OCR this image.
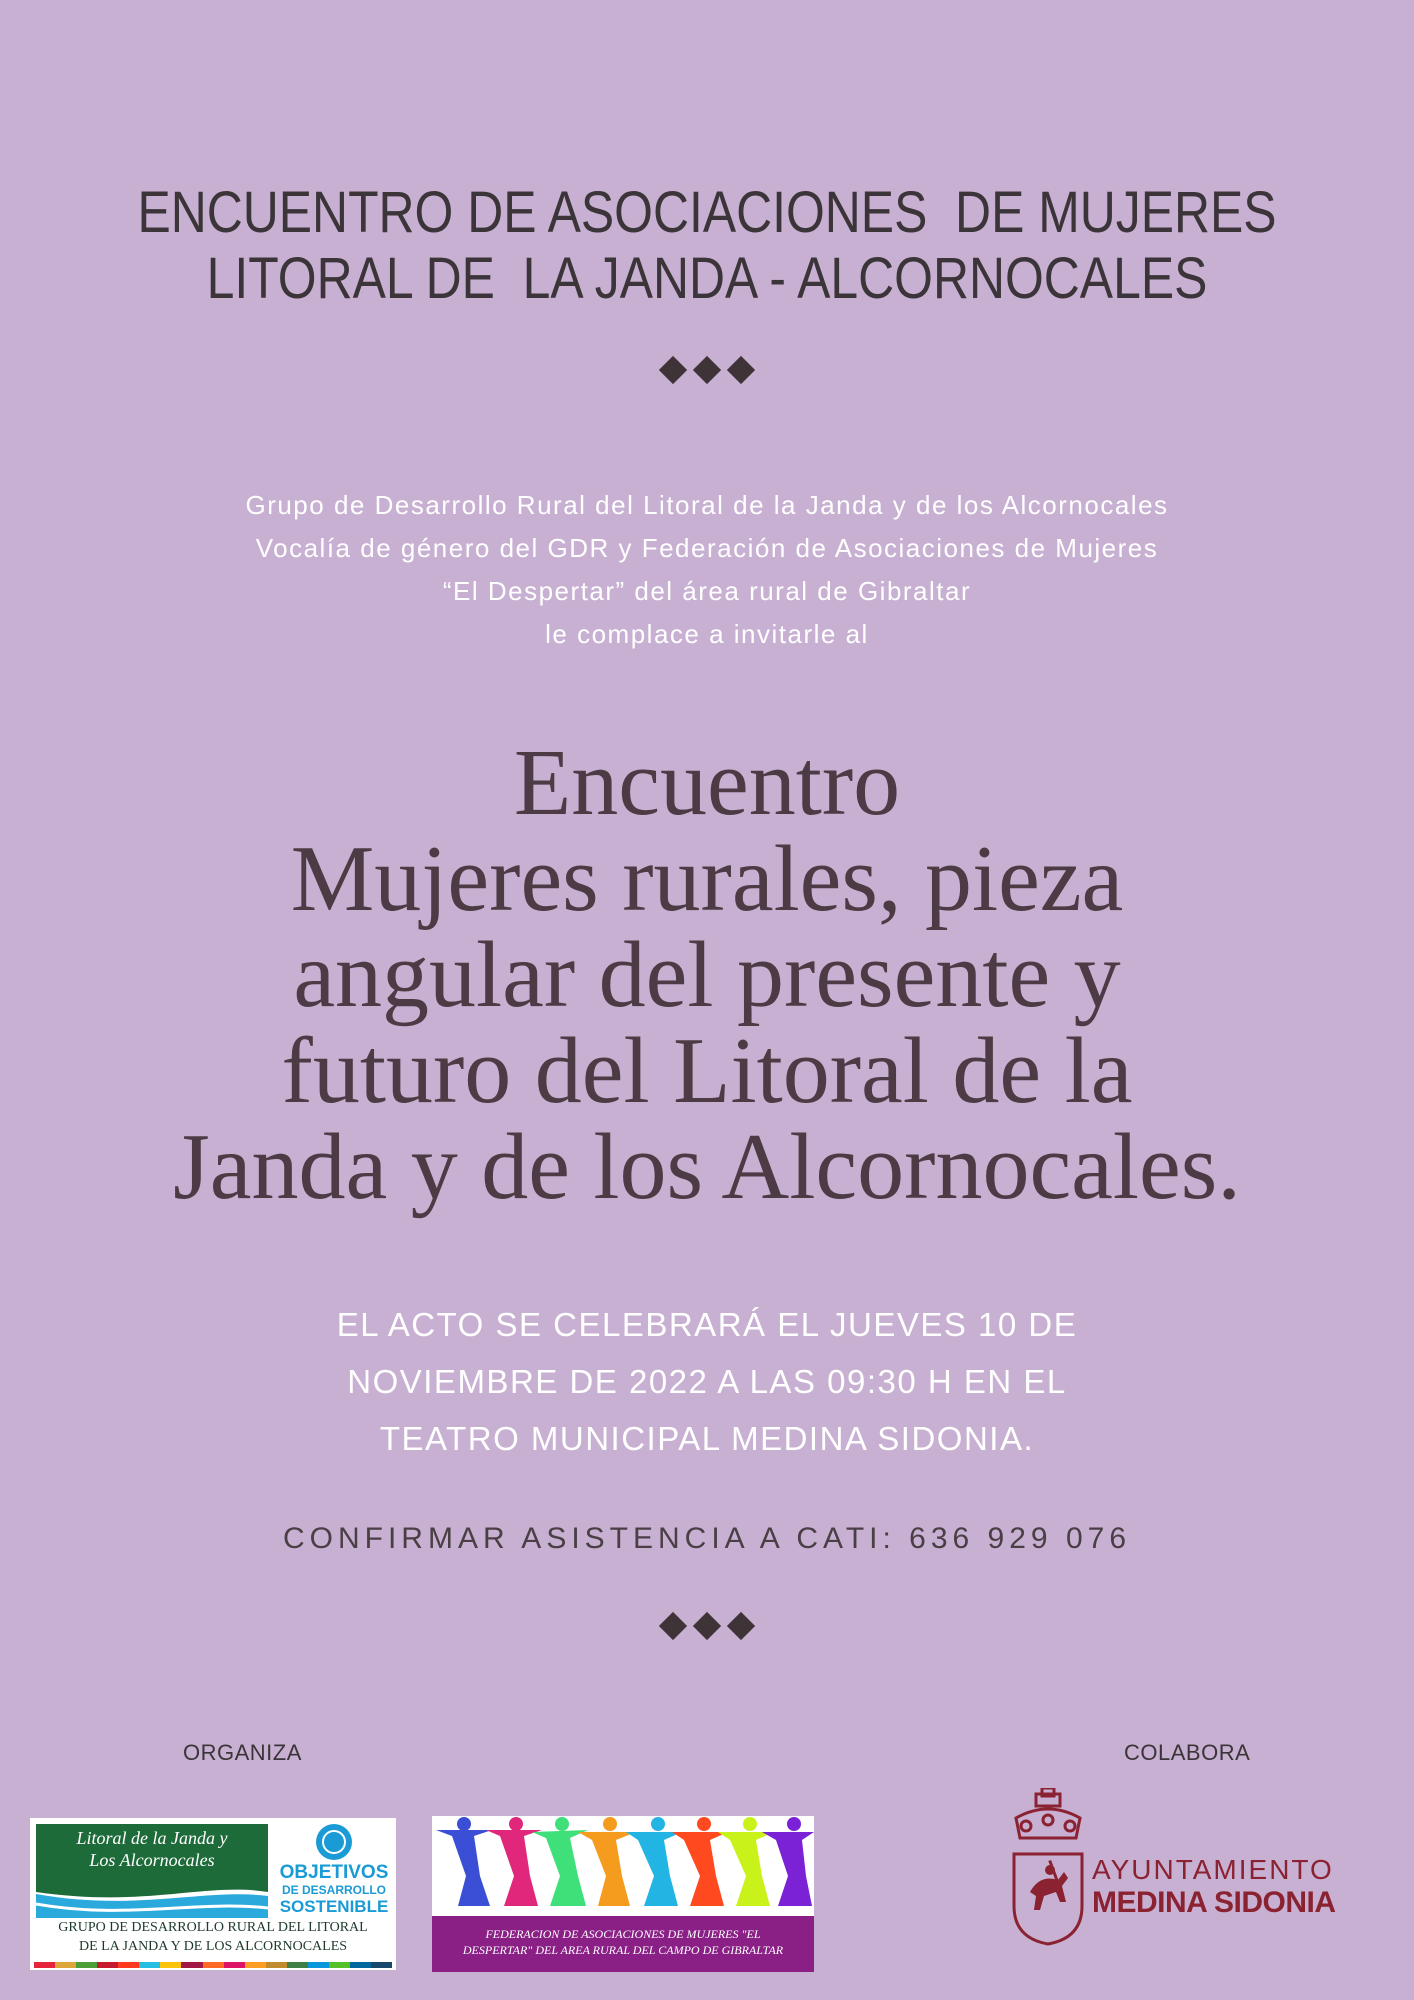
ENCUENTRO DE ASOCIACIONES  DE MUJERES
LITORAL DE  LA JANDA - ALCORNOCALES
Grupo de Desarrollo Rural del Litoral de la Janda y de los Alcornocales
Vocalía de género del GDR y Federación de Asociaciones de Mujeres
“El Despertar” del área rural de Gibraltar
le complace a invitarle al
Encuentro
Mujeres rurales, pieza
angular del presente y
futuro del Litoral de la
Janda y de los Alcornocales.
EL ACTO SE CELEBRARÁ EL JUEVES 10 DE
NOVIEMBRE DE 2022 A LAS 09:30 H EN EL
TEATRO MUNICIPAL MEDINA SIDONIA.
CONFIRMAR ASISTENCIA A CATI: 636 929 076
ORGANIZA	COLABORA
Litoral de la Janda y
Los Alcornocales
OBJETIVOS
DE DESARROLLO
SOSTENIBLE
GRUPO DE DESARROLLO RURAL DEL LITORAL
DE LA JANDA Y DE LOS ALCORNOCALES
FEDERACION DE ASOCIACIONES DE MUJERES "EL
DESPERTAR" DEL AREA RURAL DEL CAMPO DE GIBRALTAR
AYUNTAMIENTO
MEDINA SIDONIA
